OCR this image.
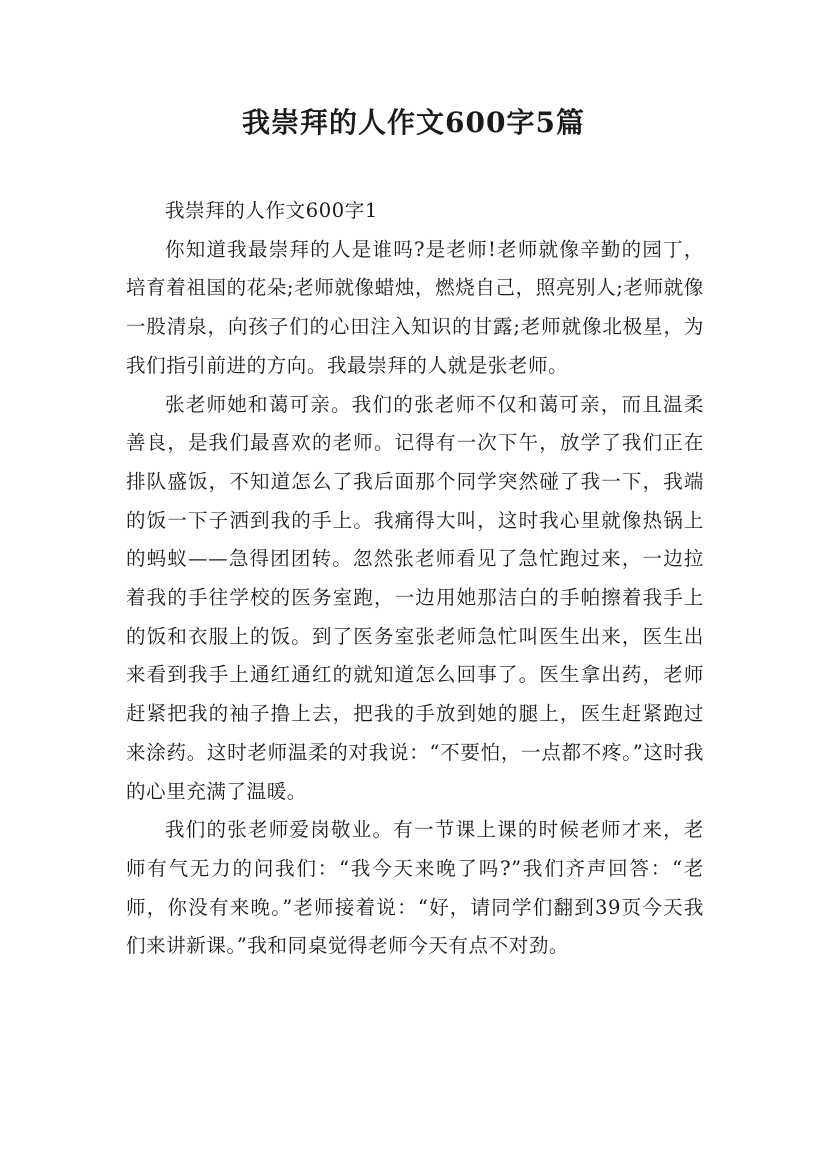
我崇拜的人作文600字5篇

我崇拜的人作文600字1

你知道我最崇拜的人是谁吗?是老师!老师就像辛勤的园丁，培育着祖国的花朵;老师就像蜡烛，燃烧自己，照亮别人;老师就像一股清泉，向孩子们的心田注入知识的甘露;老师就像北极星，为我们指引前进的方向。我最崇拜的人就是张老师。

张老师她和蔼可亲。我们的张老师不仅和蔼可亲，而且温柔善良，是我们最喜欢的老师。记得有一次下午，放学了我们正在排队盛饭，不知道怎么了我后面那个同学突然碰了我一下，我端的饭一下子洒到我的手上。我痛得大叫，这时我心里就像热锅上的蚂蚁——急得团团转。忽然张老师看见了急忙跑过来，一边拉着我的手往学校的医务室跑，一边用她那洁白的手帕擦着我手上的饭和衣服上的饭。到了医务室张老师急忙叫医生出来，医生出来看到我手上通红通红的就知道怎么回事了。医生拿出药，老师赶紧把我的袖子撸上去，把我的手放到她的腿上，医生赶紧跑过来涂药。这时老师温柔的对我说：“不要怕，一点都不疼。”这时我的心里充满了温暖。

我们的张老师爱岗敬业。有一节课上课的时候老师才来，老师有气无力的问我们：“我今天来晚了吗?”我们齐声回答：“老师，你没有来晚。”老师接着说：“好，请同学们翻到39页今天我们来讲新课。”我和同桌觉得老师今天有点不对劲。
